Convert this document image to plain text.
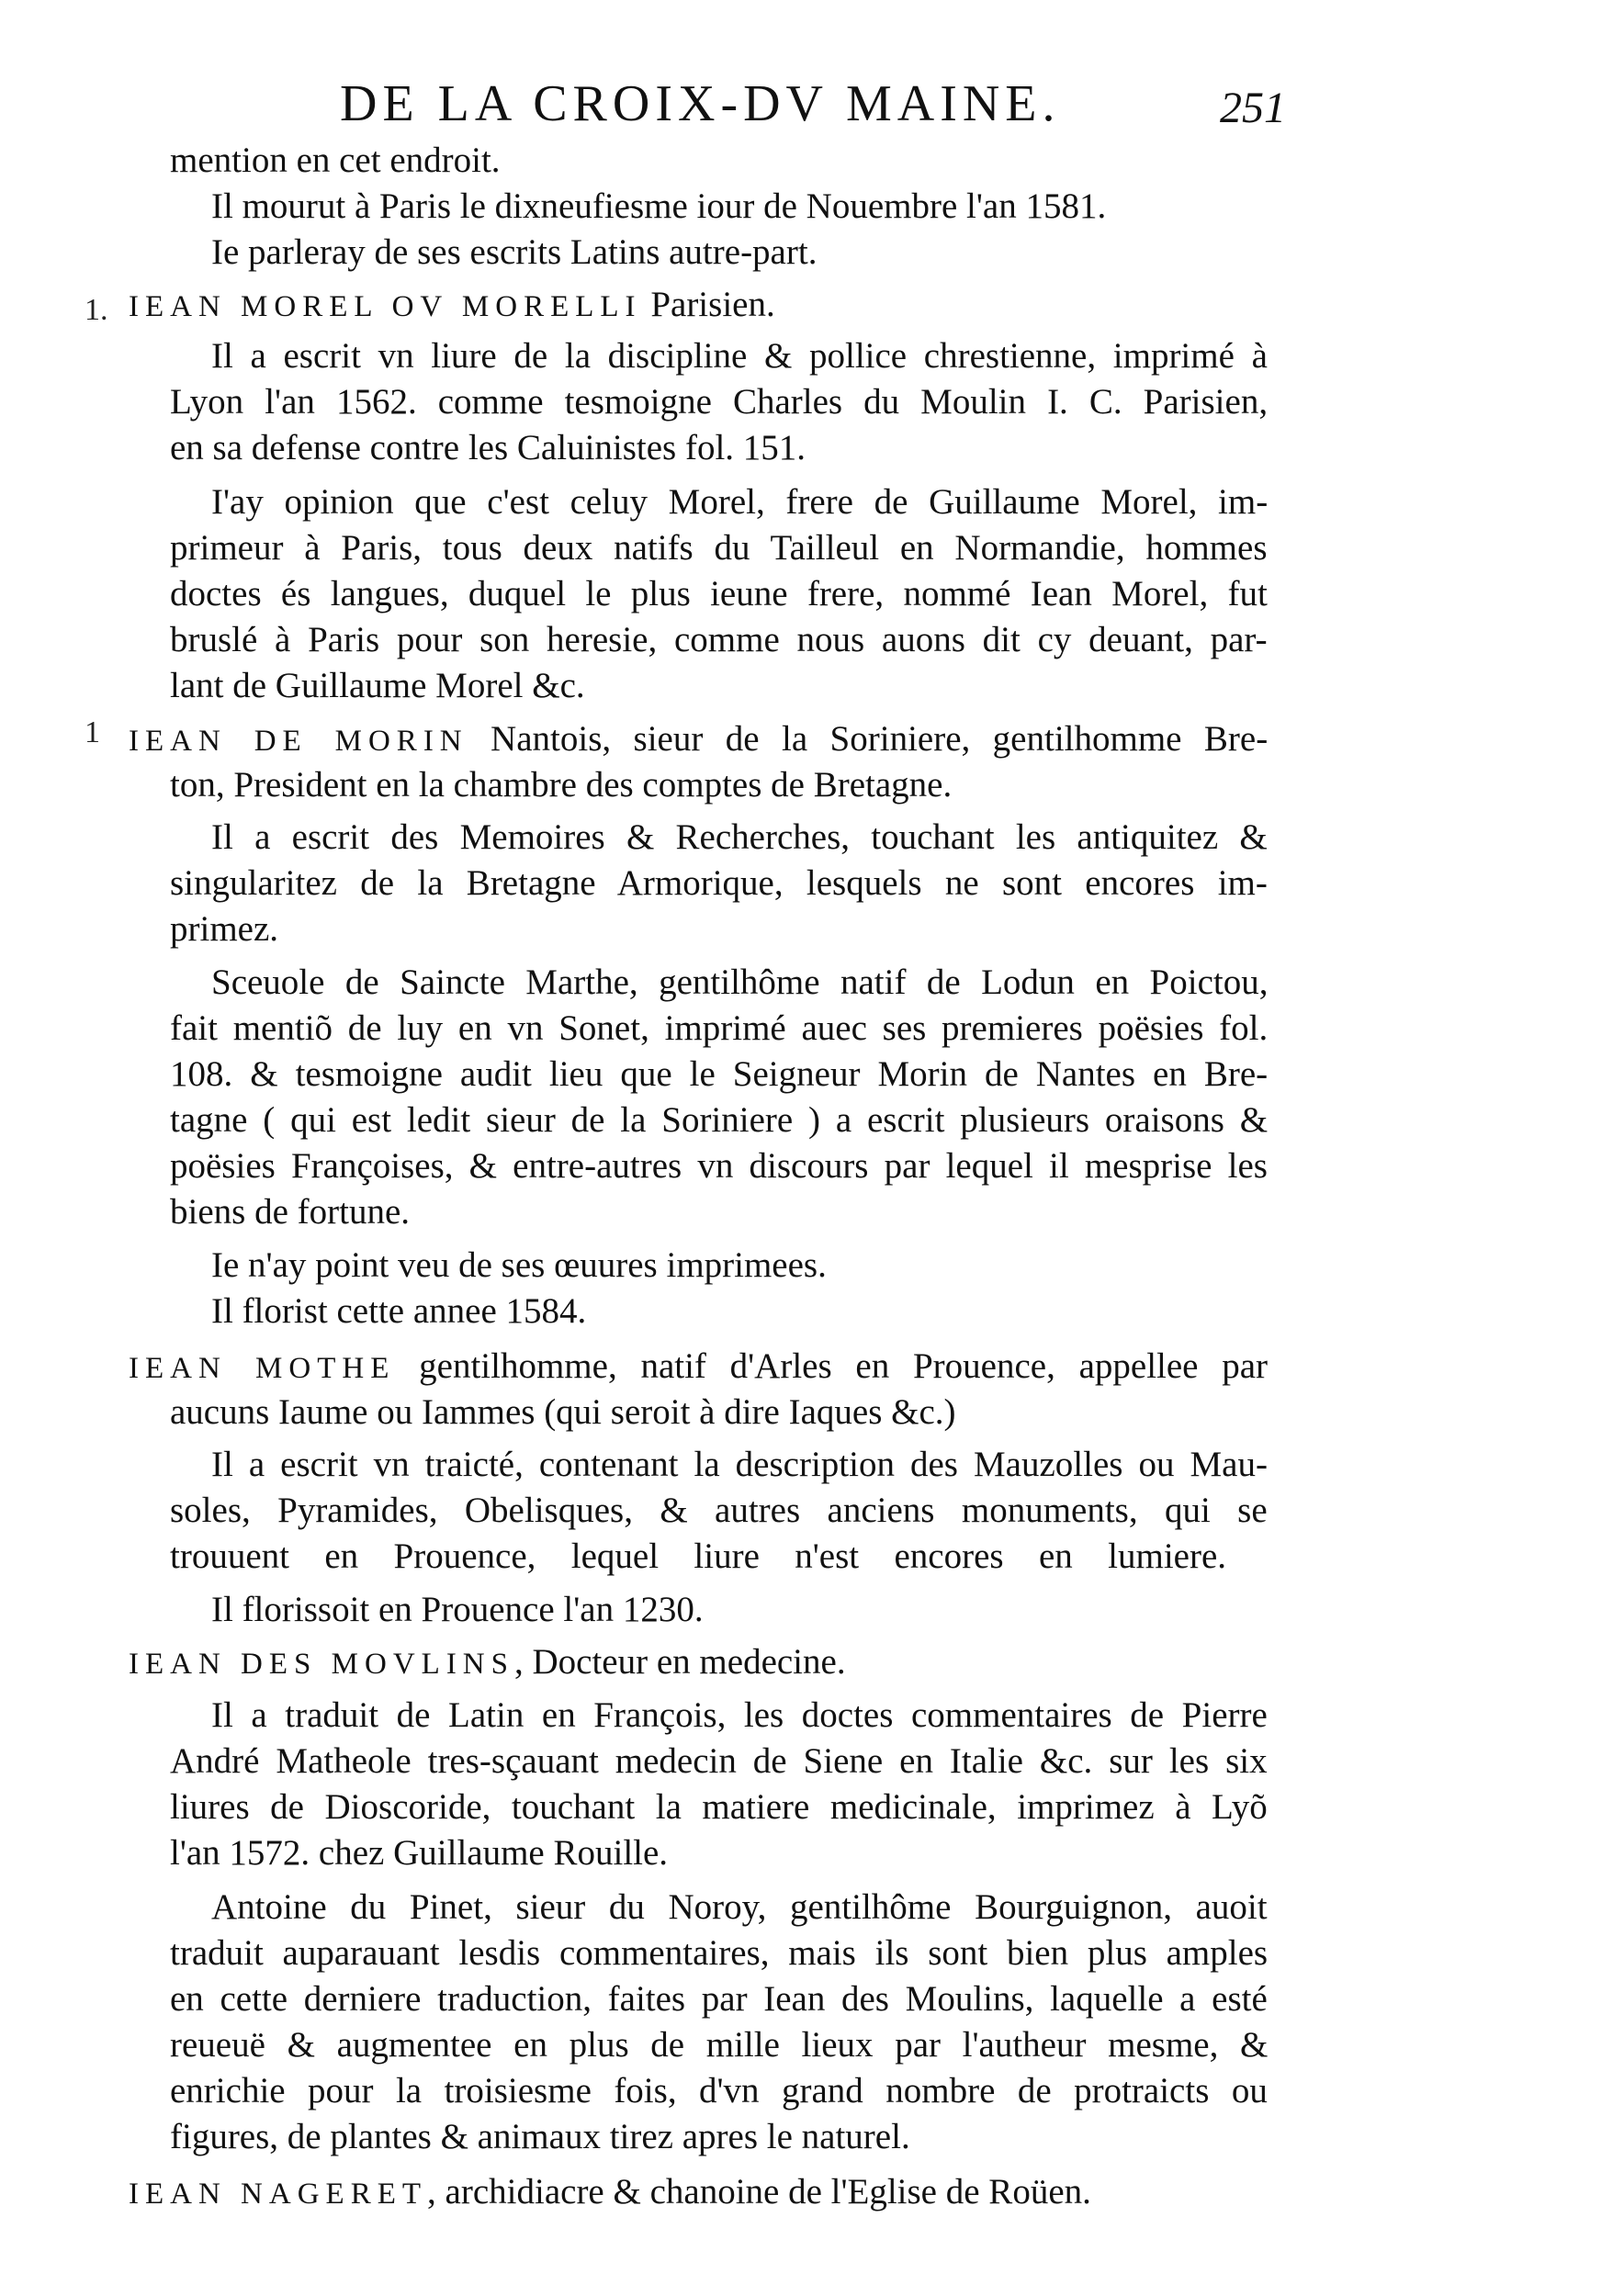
DE LA CROIX-DV MAINE.	251
1.
1
mention en cet endroit.
Il mourut à Paris le dixneufiesme iour de Nouembre l'an 1581.
Ie parleray de ses escrits Latins autre-part.
IEAN MOREL OV MORELLI Parisien.
Il a escrit vn liure de la discipline & pollice chrestienne, imprimé à
Lyon l'an 1562. comme tesmoigne Charles du Moulin I. C. Parisien,
en sa defense contre les Caluinistes fol. 151.
I'ay opinion que c'est celuy Morel, frere de Guillaume Morel, im-
primeur à Paris, tous deux natifs du Tailleul en Normandie, hommes
doctes és langues, duquel le plus ieune frere, nommé Iean Morel, fut
bruslé à Paris pour son heresie, comme nous auons dit cy deuant, par-
lant de Guillaume Morel &c.
IEAN DE MORIN Nantois, sieur de la Soriniere, gentilhomme Bre-
ton, President en la chambre des comptes de Bretagne.
Il a escrit des Memoires & Recherches, touchant les antiquitez &
singularitez de la Bretagne Armorique, lesquels ne sont encores im-
primez.
Sceuole de Saincte Marthe, gentilhôme natif de Lodun en Poictou,
fait mentiõ de luy en vn Sonet, imprimé auec ses premieres poësies fol.
108. & tesmoigne audit lieu que le Seigneur Morin de Nantes en Bre-
tagne ( qui est ledit sieur de la Soriniere ) a escrit plusieurs oraisons &
poësies Françoises, & entre-autres vn discours par lequel il mesprise les
biens de fortune.
Ie n'ay point veu de ses œuures imprimees.
Il florist cette annee 1584.
IEAN MOTHE gentilhomme, natif d'Arles en Prouence, appellee par
aucuns Iaume ou Iammes (qui seroit à dire Iaques &c.)
Il a escrit vn traicté, contenant la description des Mauzolles ou Mau-
soles, Pyramides, Obelisques, & autres anciens monuments, qui se
trouuent en Prouence, lequel liure n'est encores en lumiere.
Il florissoit en Prouence l'an 1230.
IEAN DES MOVLINS, Docteur en medecine.
Il a traduit de Latin en François, les doctes commentaires de Pierre
André Matheole tres-sçauant medecin de Siene en Italie &c. sur les six
liures de Dioscoride, touchant la matiere medicinale, imprimez à Lyõ
l'an 1572. chez Guillaume Rouille.
Antoine du Pinet, sieur du Noroy, gentilhôme Bourguignon, auoit
traduit auparauant lesdis commentaires, mais ils sont bien plus amples
en cette derniere traduction, faites par Iean des Moulins, laquelle a esté
reueuë & augmentee en plus de mille lieux par l'autheur mesme, &
enrichie pour la troisiesme fois, d'vn grand nombre de protraicts ou
figures, de plantes & animaux tirez apres le naturel.
IEAN NAGERET, archidiacre & chanoine de l'Eglise de Roüen.
